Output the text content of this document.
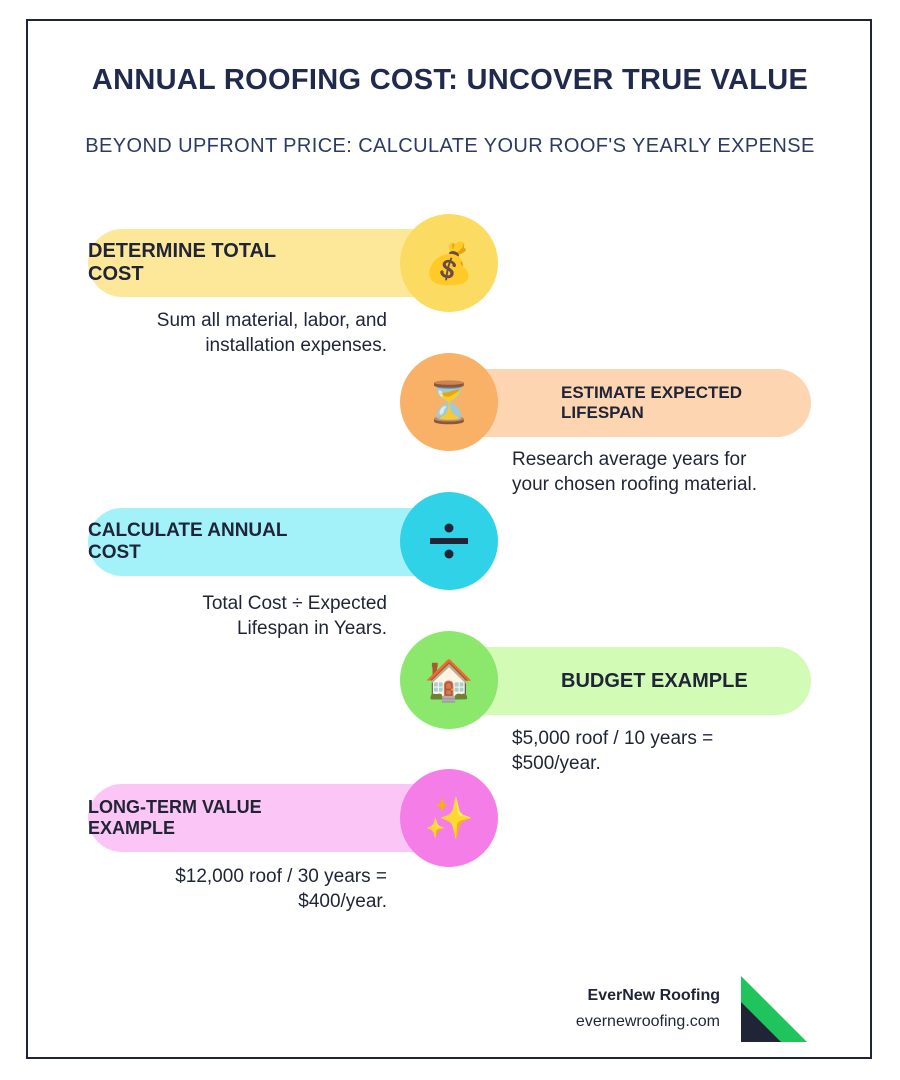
ANNUAL ROOFING COST: UNCOVER TRUE VALUE
BEYOND UPFRONT PRICE: CALCULATE YOUR ROOF'S YEARLY EXPENSE
DETERMINE TOTAL COST	💰
Sum all material, labor, and
installation expenses.
ESTIMATE EXPECTED LIFESPAN
⏳
Research average years for
your chosen roofing material.
CALCULATE ANNUAL COST
Total Cost ÷ Expected
Lifespan in Years.
BUDGET EXAMPLE
🏠
$5,000 roof / 10 years =
$500/year.
LONG-TERM VALUE EXAMPLE	✨
$12,000 roof / 30 years =
$400/year.
EverNew Roofing
evernewroofing.com
